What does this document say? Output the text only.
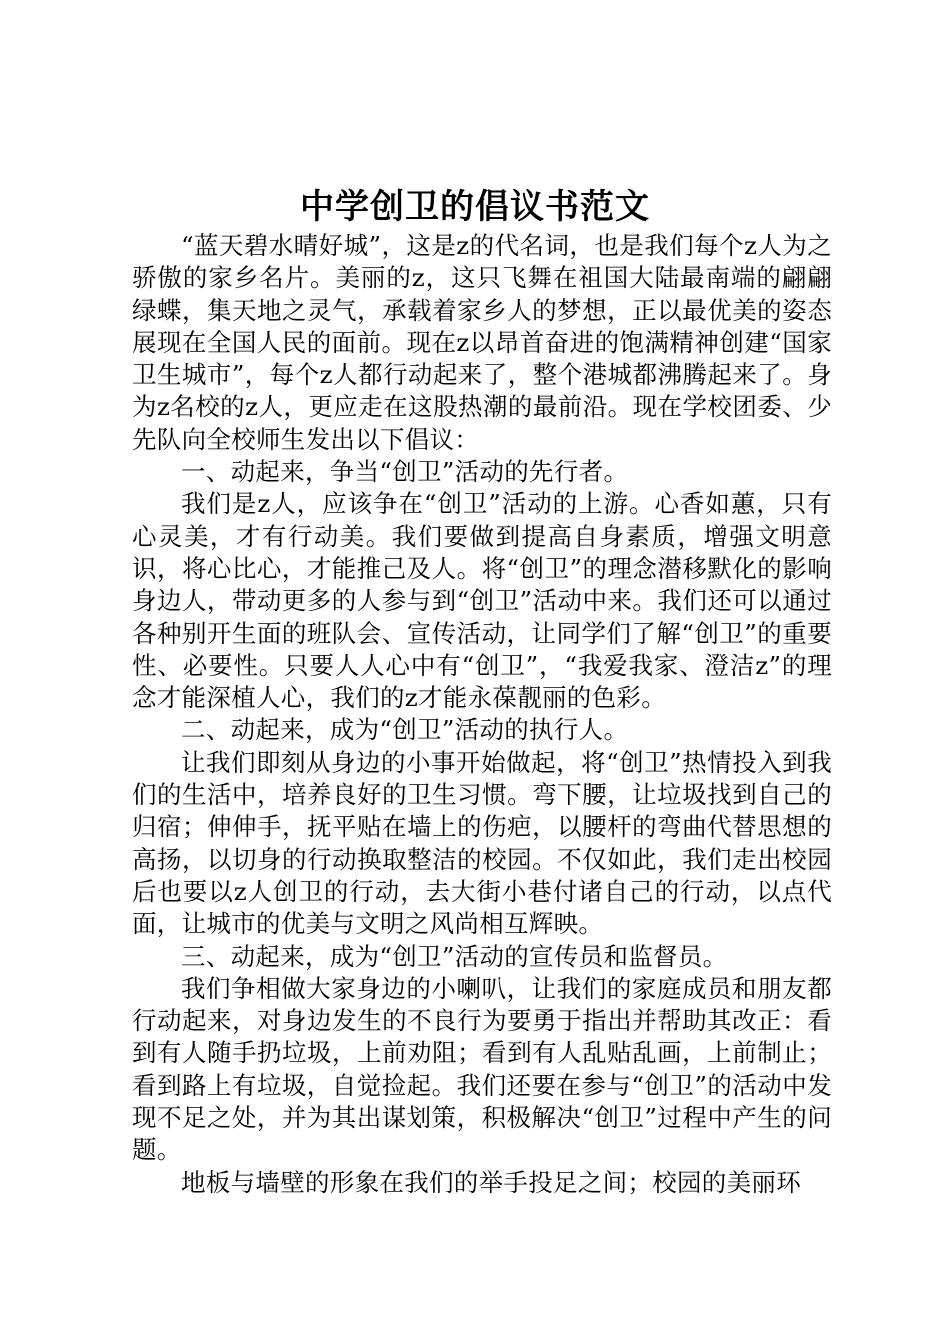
中学创卫的倡议书范文

“蓝天碧水晴好城”，这是z的代名词，也是我们每个z人为之骄傲的家乡名片。美丽的z，这只飞舞在祖国大陆最南端的翩翩绿蝶，集天地之灵气，承载着家乡人的梦想，正以最优美的姿态展现在全国人民的面前。现在z以昂首奋进的饱满精神创建“国家卫生城市”，每个z人都行动起来了，整个港城都沸腾起来了。身为z名校的z人，更应走在这股热潮的最前沿。现在学校团委、少先队向全校师生发出以下倡议：

一、动起来，争当“创卫”活动的先行者。

我们是z人，应该争在“创卫”活动的上游。心香如蕙，只有心灵美，才有行动美。我们要做到提高自身素质，增强文明意识，将心比心，才能推己及人。将“创卫”的理念潜移默化的影响身边人，带动更多的人参与到“创卫”活动中来。我们还可以通过各种别开生面的班队会、宣传活动，让同学们了解“创卫”的重要性、必要性。只要人人心中有“创卫”，“我爱我家、澄洁z”的理念才能深植人心，我们的z才能永葆靓丽的色彩。

二、动起来，成为“创卫”活动的执行人。

让我们即刻从身边的小事开始做起，将“创卫”热情投入到我们的生活中，培养良好的卫生习惯。弯下腰，让垃圾找到自己的归宿；伸伸手，抚平贴在墙上的伤疤，以腰杆的弯曲代替思想的高扬，以切身的行动换取整洁的校园。不仅如此，我们走出校园后也要以z人创卫的行动，去大街小巷付诸自己的行动，以点代面，让城市的优美与文明之风尚相互辉映。

三、动起来，成为“创卫”活动的宣传员和监督员。

我们争相做大家身边的小喇叭，让我们的家庭成员和朋友都行动起来，对身边发生的不良行为要勇于指出并帮助其改正：看到有人随手扔垃圾，上前劝阻；看到有人乱贴乱画，上前制止；看到路上有垃圾，自觉捡起。我们还要在参与“创卫”的活动中发现不足之处，并为其出谋划策，积极解决“创卫”过程中产生的问题。

地板与墙壁的形象在我们的举手投足之间；校园的美丽环
